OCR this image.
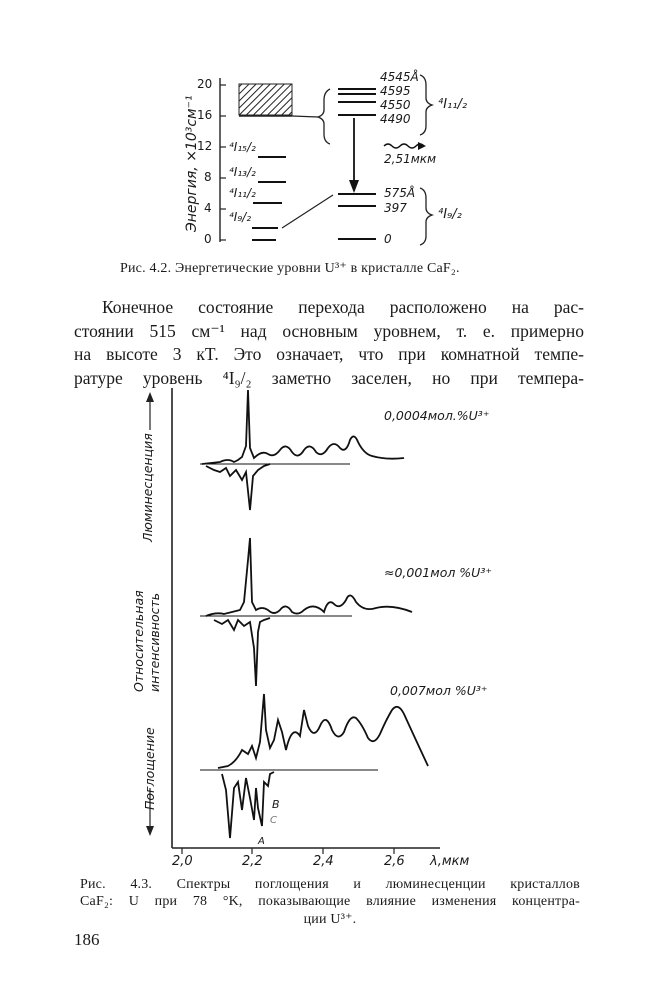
Энергия, ×10³см⁻¹
20
16
12
8
4
0
⁴I₁₅/₂
⁴I₁₃/₂
⁴I₁₁/₂
⁴I₉/₂
4545Å
4595
4550
4490
⁴I₁₁/₂
2,51мкм
575Å
397
0
⁴I₉/₂
Рис. 4.2. Энергетические уровни U³⁺ в кристалле CaF₂.
Конечное состояние перехода расположено на рас-
стоянии 515 см⁻¹ над основным уровнем, т. е. примерно
на высоте 3 кT. Это означает, что при комнатной темпе-
ратуре уровень ⁴I₉/₂ заметно заселен, но при темпера-
Люминесценция
Относительная интенсивность
Поглощение
0,0004мол.%U³⁺
≈0,001мол %U³⁺
0,007мол %U³⁺
B
C
A
2,0	2,2	2,4	2,6 λ,мкм
Рис. 4.3. Спектры поглощения и люминесценции кристаллов
CaF₂: U при 78 °K, показывающие влияние изменения концентра-
ции U³⁺.
186
